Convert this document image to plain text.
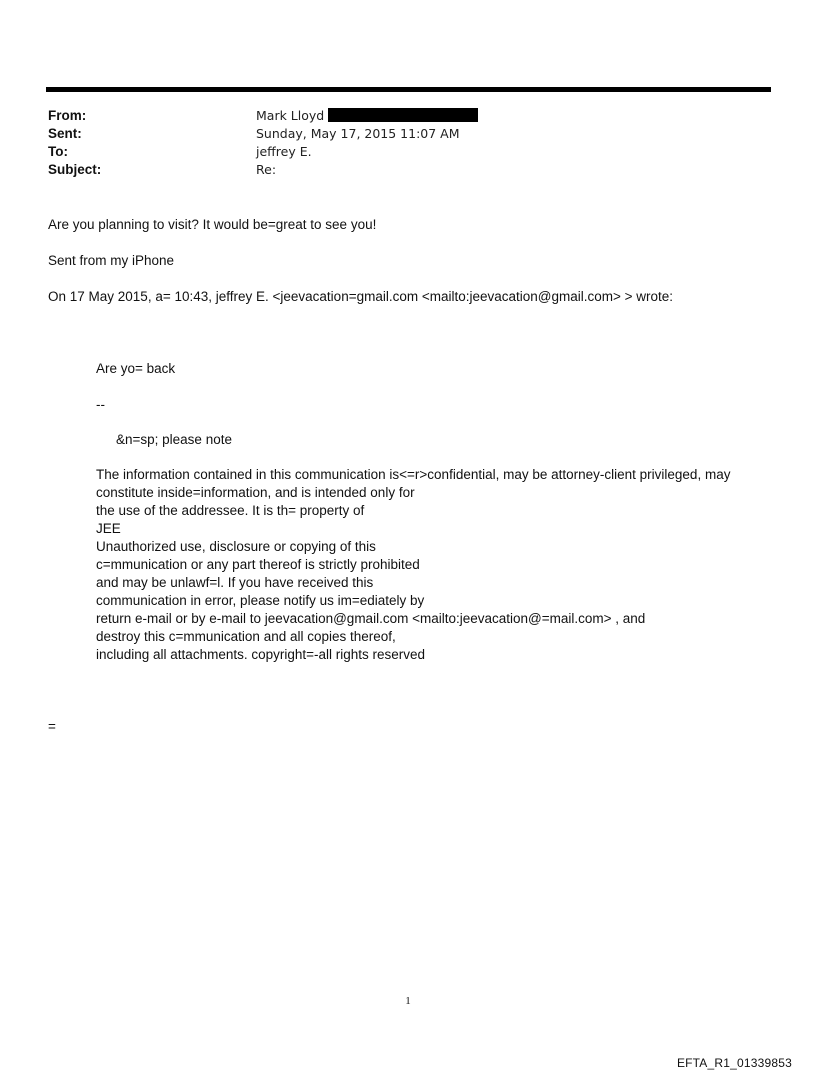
From:	Mark Lloyd
Sent:	Sunday, May 17, 2015 11:07 AM
To:	jeffrey E.
Subject:	Re:
Are you planning to visit? It would be=great to see you!
Sent from my iPhone
On 17 May 2015, a= 10:43, jeffrey E. <jeevacation=gmail.com <mailto:jeevacation@gmail.com> > wrote:
Are yo= back
--
&n=sp; please note
The information contained in this communication is<=r>confidential, may be attorney-client privileged, may
constitute inside=information, and is intended only for
the use of the addressee. It is th= property of
JEE
Unauthorized use, disclosure or copying of this
c=mmunication or any part thereof is strictly prohibited
and may be unlawf=l. If you have received this
communication in error, please notify us im=ediately by
return e-mail or by e-mail to jeevacation@gmail.com <mailto:jeevacation@=mail.com> , and
destroy this c=mmunication and all copies thereof,
including all attachments. copyright=-all rights reserved
=
1
EFTA_R1_01339853
